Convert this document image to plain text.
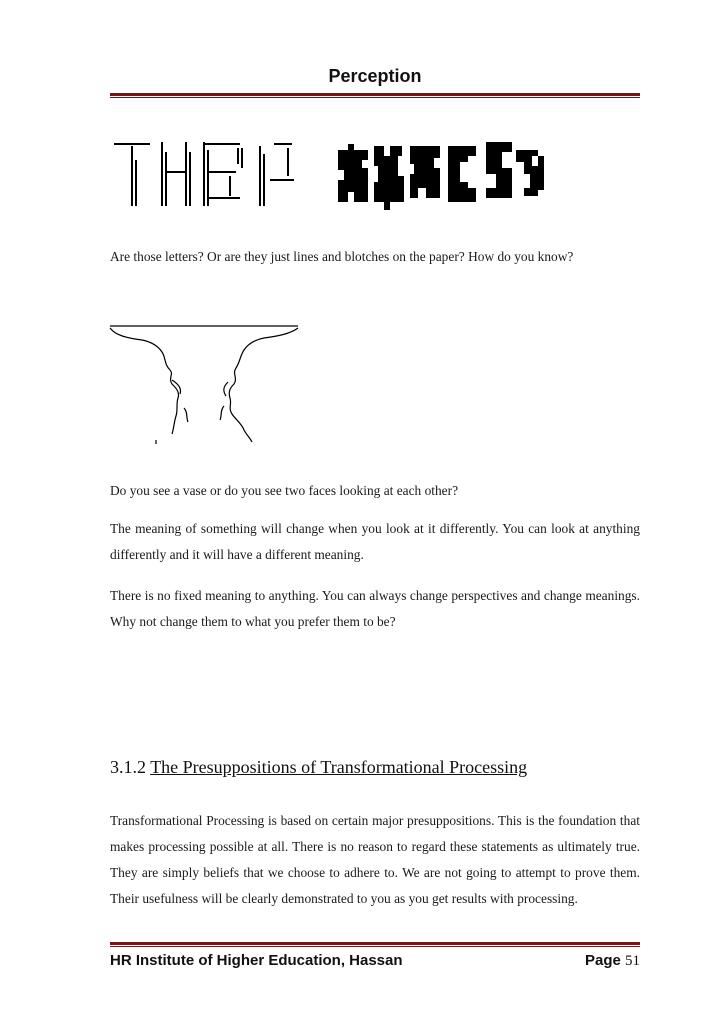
Perception
Are those letters? Or are they just lines and blotches on the paper? How do you know?
Do you see a vase or do you see two faces looking at each other?
The meaning of something will change when you look at it differently. You can look at anything differently and it will have a different meaning.
There is no fixed meaning to anything. You can always change perspectives and change meanings. Why not change them to what you prefer them to be?
3.1.2 The Presuppositions of Transformational Processing
Transformational Processing is based on certain major presuppositions. This is the foundation that makes processing possible at all. There is no reason to regard these statements as ultimately true. They are simply beliefs that we choose to adhere to. We are not going to attempt to prove them. Their usefulness will be clearly demonstrated to you as you get results with processing.
HR Institute of Higher Education, Hassan	Page 51
